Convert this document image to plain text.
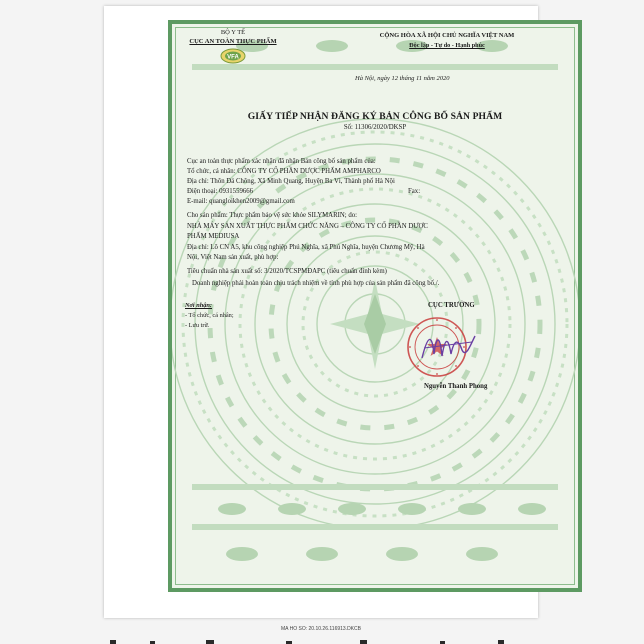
BỘ Y TẾ
CỤC AN TOÀN THỰC PHẨM
VFA
CỘNG HÒA XÃ HỘI CHỦ NGHĨA VIỆT NAM
Độc lập - Tự do - Hạnh phúc
Hà Nội, ngày 12 tháng 11 năm 2020
GIẤY TIẾP NHẬN ĐĂNG KÝ BẢN CÔNG BỐ SẢN PHẨM
Số: 11306/2020/DKSP
Cục an toàn thực phẩm xác nhận đã nhận Bản công bố sản phẩm của:
Tổ chức, cá nhân: CÔNG TY CỔ PHẦN DƯỢC PHẨM AMPHARCO
Địa chỉ: Thôn Đá Chông, Xã Minh Quang, Huyện Ba Vì, Thành phố Hà Nội
Điện thoại: 0931559666	Fax:
E-mail: quangloikhen2009@gmail.com
Cho sản phẩm: Thực phẩm bảo vệ sức khỏe SILYMARIN; do:
NHÀ MÁY SẢN XUẤT THỰC PHẨM CHỨC NĂNG – CÔNG TY CỔ PHẦN DƯỢC
PHẨM MEDIUSA
Địa chỉ: Lô CN A5, khu công nghiệp Phú Nghĩa, xã Phú Nghĩa, huyện Chương Mỹ, Hà
Nội, Việt Nam sản xuất, phù hợp:
Tiêu chuẩn nhà sản xuất số: 3/2020/TCSPMĐAPC (tiêu chuẩn đính kèm)
Doanh nghiệp phải hoàn toàn chịu trách nhiệm về tính phù hợp của sản phẩm đã công bố./.
Nơi nhận:
- Tổ chức, cá nhân;
- Lưu trữ.
CỤC TRƯỞNG
Nguyễn Thanh Phong
MA HO SO: 20.10.26.116913.DKCB
